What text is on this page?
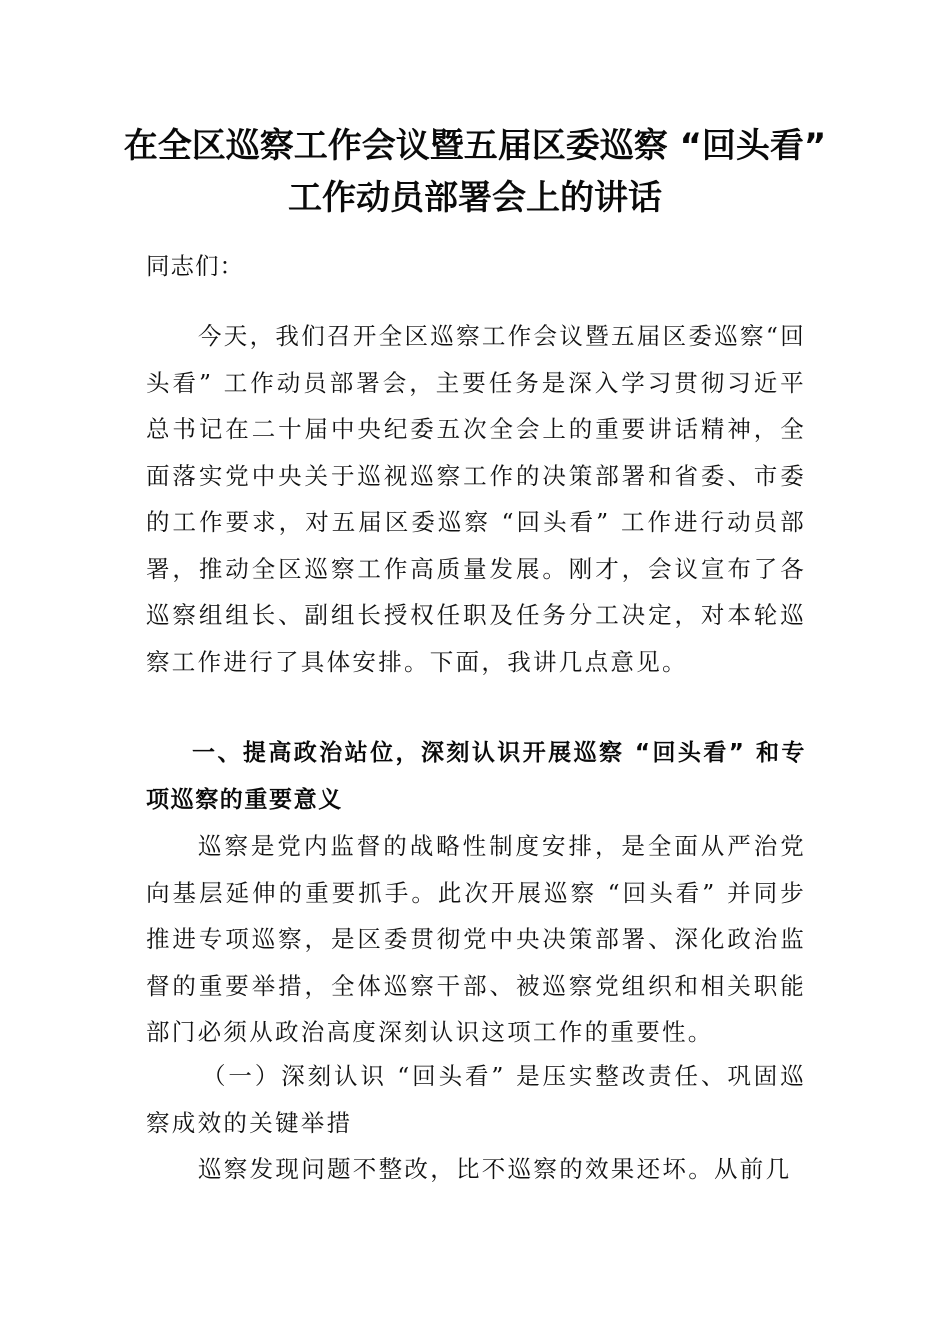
在全区巡察工作会议暨五届区委巡察 “回头看” 工作动员部署会上的讲话

同志们：

今天，我们召开全区巡察工作会议暨五届区委巡察“回头看” 工作动员部署会，主要任务是深入学习贯彻习近平总书记在二十届中央纪委五次全会上的重要讲话精神，全面落实党中央关于巡视巡察工作的决策部署和省委、市委的工作要求，对五届区委巡察 “回头看” 工作进行动员部署，推动全区巡察工作高质量发展。刚才，会议宣布了各巡察组组长、副组长授权任职及任务分工决定，对本轮巡察工作进行了具体安排。下面，我讲几点意见。

一、提高政治站位，深刻认识开展巡察 “回头看” 和专项巡察的重要意义

巡察是党内监督的战略性制度安排，是全面从严治党向基层延伸的重要抓手。此次开展巡察 “回头看” 并同步推进专项巡察，是区委贯彻党中央决策部署、深化政治监督的重要举措，全体巡察干部、被巡察党组织和相关职能部门必须从政治高度深刻认识这项工作的重要性。

（一）深刻认识 “回头看” 是压实整改责任、巩固巡察成效的关键举措

巡察发现问题不整改，比不巡察的效果还坏。从前几
